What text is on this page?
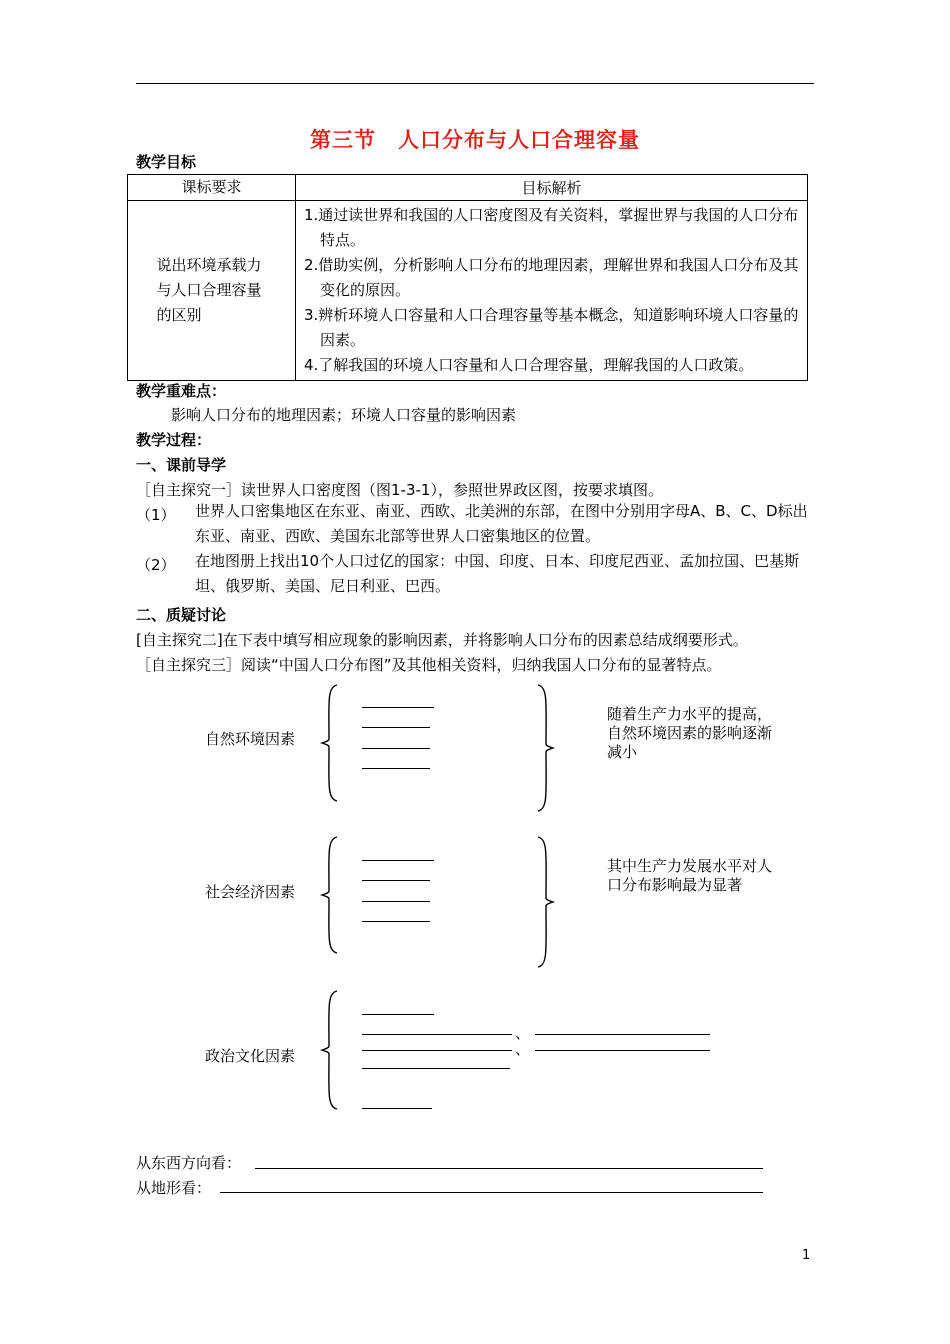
第三节　人口分布与人口合理容量
教学目标
课标要求	目标解析

说出环境承载力与人口合理容量的区别	1.通过读世界和我国的人口密度图及有关资料，掌握世界与我国的人口分布特点。
2.借助实例，分析影响人口分布的地理因素，理解世界和我国人口分布及其变化的原因。
3.辨析环境人口容量和人口合理容量等基本概念，知道影响环境人口容量的因素。
4.了解我国的环境人口容量和人口合理容量，理解我国的人口政策。
教学重难点：
影响人口分布的地理因素；环境人口容量的影响因素
教学过程：
一、课前导学
［自主探究一］读世界人口密度图（图1-3-1），参照世界政区图，按要求填图。
（1） 世界人口密集地区在东亚、南亚、西欧、北美洲的东部，在图中分别用字母A、B、C、D标出东亚、南亚、西欧、美国东北部等世界人口密集地区的位置。
（2） 在地图册上找出10个人口过亿的国家：中国、印度、日本、印度尼西亚、孟加拉国、巴基斯坦、俄罗斯、美国、尼日利亚、巴西。
二、质疑讨论
[自主探究二]在下表中填写相应现象的影响因素，并将影响人口分布的因素总结成纲要形式。
［自主探究三］阅读“中国人口分布图”及其他相关资料，归纳我国人口分布的显著特点。
自然环境因素
随着生产力水平的提高，自然环境因素的影响逐渐减小
社会经济因素
其中生产力发展水平对人口分布影响最为显著
政治文化因素
、
、
从东西方向看：
从地形看：
1
